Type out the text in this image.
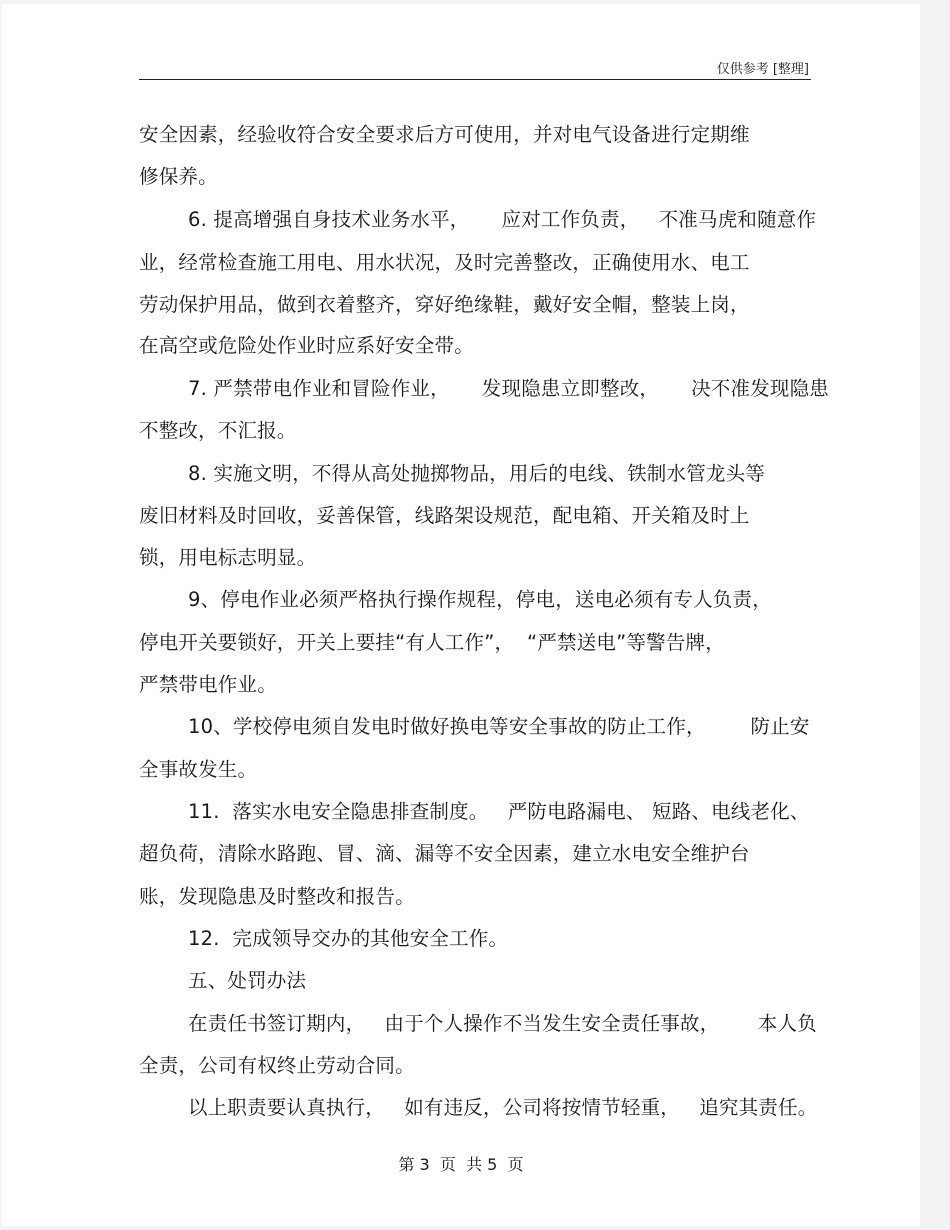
仅供参考 [整理]
安全因素，经验收符合安全要求后方可使用，并对电气设备进行定期维
修保养。
6. 提高增强自身技术业务水平，     应对工作负责，   不准马虎和随意作
业，经常检查施工用电、用水状况，及时完善整改，正确使用水、电工
劳动保护用品，做到衣着整齐，穿好绝缘鞋，戴好安全帽，整装上岗，
在高空或危险处作业时应系好安全带。
7. 严禁带电作业和冒险作业，     发现隐患立即整改，     决不准发现隐患
不整改，不汇报。
8. 实施文明，不得从高处抛掷物品，用后的电线、铁制水管龙头等
废旧材料及时回收，妥善保管，线路架设规范，配电箱、开关箱及时上
锁，用电标志明显。
9、停电作业必须严格执行操作规程，停电，送电必须有专人负责，
停电开关要锁好，开关上要挂“有人工作”，  “严禁送电”等警告牌，
严禁带电作业。
10、学校停电须自发电时做好换电等安全事故的防止工作，       防止安
全事故发生。
11.  落实水电安全隐患排查制度。   严防电路漏电、 短路、电线老化、
超负荷，清除水路跑、冒、滴、漏等不安全因素，建立水电安全维护台
账，发现隐患及时整改和报告。
12.  完成领导交办的其他安全工作。
五、处罚办法
在责任书签订期内，   由于个人操作不当发生安全责任事故，      本人负
全责，公司有权终止劳动合同。
以上职责要认真执行，   如有违反，公司将按情节轻重，   追究其责任。
第 3  页  共 5  页
